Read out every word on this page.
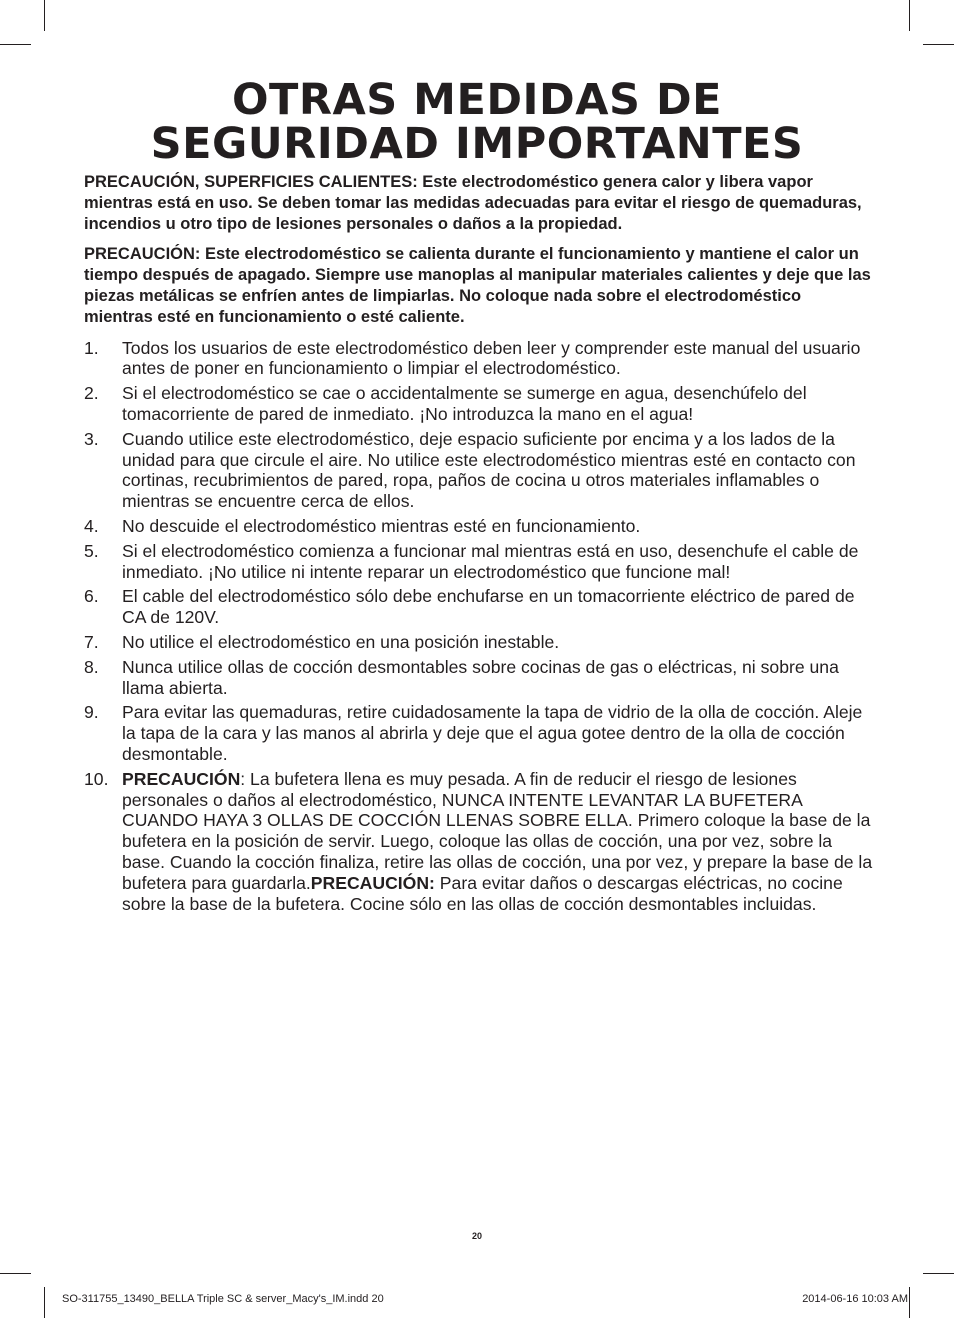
OTRAS MEDIDAS DE
SEGURIDAD IMPORTANTES

PRECAUCIÓN, SUPERFICIES CALIENTES: Este electrodoméstico genera calor y libera vapor mientras está en uso. Se deben tomar las medidas adecuadas para evitar el riesgo de quemaduras, incendios u otro tipo de lesiones personales o daños a la propiedad.

PRECAUCIÓN: Este electrodoméstico se calienta durante el funcionamiento y mantiene el calor un tiempo después de apagado. Siempre use manoplas al manipular materiales calientes y deje que las piezas metálicas se enfríen antes de limpiarlas. No coloque nada sobre el electrodoméstico mientras esté en funcionamiento o esté caliente.

1. Todos los usuarios de este electrodoméstico deben leer y comprender este manual del usuario antes de poner en funcionamiento o limpiar el electrodoméstico.
2. Si el electrodoméstico se cae o accidentalmente se sumerge en agua, desenchúfelo del tomacorriente de pared de inmediato. ¡No introduzca la mano en el agua!
3. Cuando utilice este electrodoméstico, deje espacio suficiente por encima y a los lados de la unidad para que circule el aire. No utilice este electrodoméstico mientras esté en contacto con cortinas, recubrimientos de pared, ropa, paños de cocina u otros materiales inflamables o mientras se encuentre cerca de ellos.
4. No descuide el electrodoméstico mientras esté en funcionamiento.
5. Si el electrodoméstico comienza a funcionar mal mientras está en uso, desenchufe el cable de inmediato. ¡No utilice ni intente reparar un electrodoméstico que funcione mal!
6. El cable del electrodoméstico sólo debe enchufarse en un tomacorriente eléctrico de pared de CA de 120V.
7. No utilice el electrodoméstico en una posición inestable.
8. Nunca utilice ollas de cocción desmontables sobre cocinas de gas o eléctricas, ni sobre una llama abierta.
9. Para evitar las quemaduras, retire cuidadosamente la tapa de vidrio de la olla de cocción. Aleje la tapa de la cara y las manos al abrirla y deje que el agua gotee dentro de la olla de cocción desmontable.
10. PRECAUCIÓN: La bufetera llena es muy pesada. A fin de reducir el riesgo de lesiones personales o daños al electrodoméstico, NUNCA INTENTE LEVANTAR LA BUFETERA CUANDO HAYA 3 OLLAS DE COCCIÓN LLENAS SOBRE ELLA. Primero coloque la base de la bufetera en la posición de servir. Luego, coloque las ollas de cocción, una por vez, sobre la base. Cuando la cocción finaliza, retire las ollas de cocción, una por vez, y prepare la base de la bufetera para guardarla.PRECAUCIÓN: Para evitar daños o descargas eléctricas, no cocine sobre la base de la bufetera. Cocine sólo en las ollas de cocción desmontables incluidas.
20
SO-311755_13490_BELLA Triple SC & server_Macy's_IM.indd 20	2014-06-16 10:03 AM
